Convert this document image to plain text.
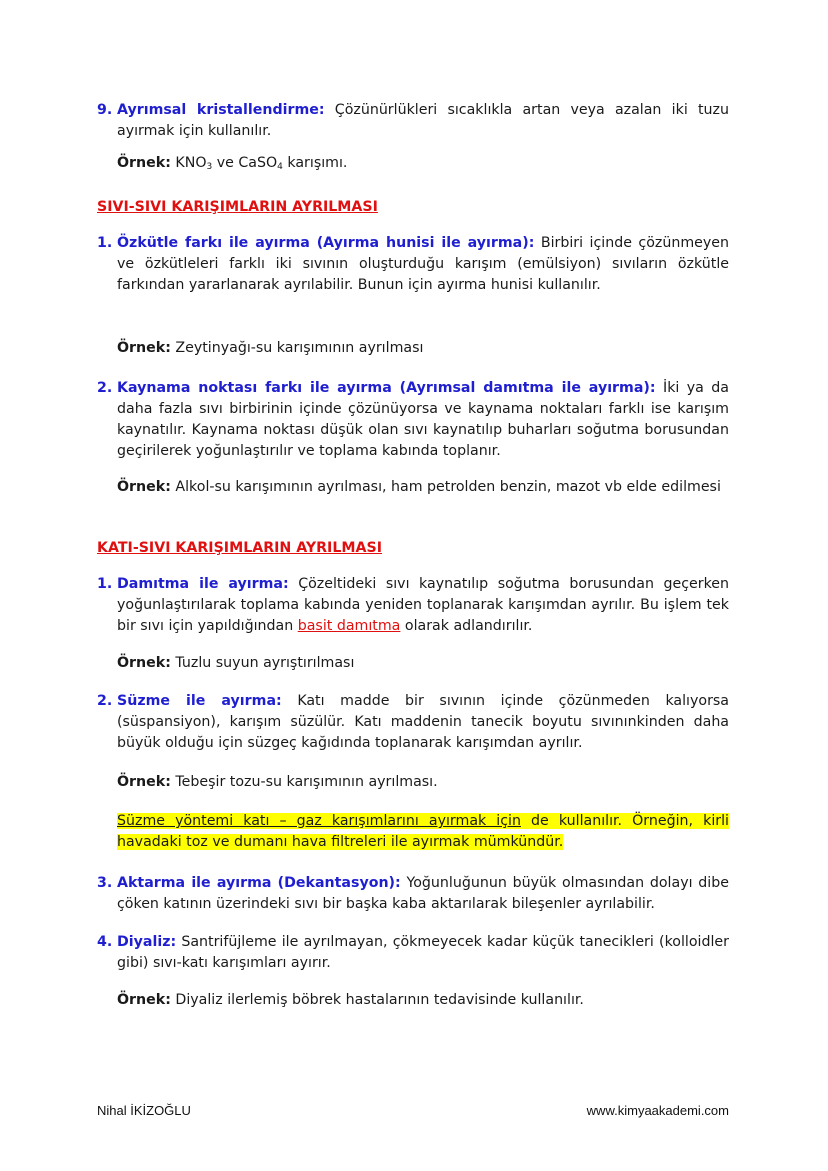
9. Ayrımsal kristallendirme: Çözünürlükleri sıcaklıkla artan veya azalan iki tuzu ayırmak için kullanılır.
Örnek: $KNO_3$ ve CaSO$_4$ karışımı.
SIVI-SIVI KARIŞIMLARIN AYRILMASI
1. Özkütle farkı ile ayırma (Ayırma hunisi ile ayırma): Birbiri içinde çözünmeyen ve özkütleleri farklı iki sıvının oluşturduğu karışım (emülsiyon) sıvıların özkütle farkından yararlanarak ayrılabilir. Bunun için ayırma hunisi kullanılır.
Örnek: Zeytinyağı-su karışımının ayrılması
2. Kaynama noktası farkı ile ayırma (Ayrımsal damıtma ile ayırma): İki ya da daha fazla sıvı birbirinin içinde çözünüyorsa ve kaynama noktaları farklı ise karışım kaynatılır. Kaynama noktası düşük olan sıvı kaynatılıp buharları soğutma borusundan geçirilerek yoğunlaştırılır ve toplama kabında toplanır.
Örnek: Alkol-su karışımının ayrılması, ham petrolden benzin, mazot vb elde edilmesi
KATI-SIVI KARIŞIMLARIN AYRILMASI
1. Damıtma ile ayırma: Çözeltideki sıvı kaynatılıp soğutma borusundan geçerken yoğunlaştırılarak toplama kabında yeniden toplanarak karışımdan ayrılır. Bu işlem tek bir sıvı için yapıldığından basit damıtma olarak adlandırılır.
Örnek: Tuzlu suyun ayrıştırılması
2. Süzme ile ayırma: Katı madde bir sıvının içinde çözünmeden kalıyorsa (süspansiyon), karışım süzülür. Katı maddenin tanecik boyutu sıvınınkinden daha büyük olduğu için süzgeç kağıdında toplanarak karışımdan ayrılır.
Örnek: Tebeşir tozu-su karışımının ayrılması.
Süzme yöntemi katı – gaz karışımlarını ayırmak için de kullanılır. Örneğin, kirli havadaki toz ve dumanı hava filtreleri ile ayırmak mümkündür.
3. Aktarma ile ayırma (Dekantasyon): Yoğunluğunun büyük olmasından dolayı dibe çöken katının üzerindeki sıvı bir başka kaba aktarılarak bileşenler ayrılabilir.
4. Diyaliz: Santrifüjleme ile ayrılmayan, çökmeyecek kadar küçük tanecikleri (kolloidler gibi) sıvı-katı karışımları ayırır.
Örnek: Diyaliz ilerlemiş böbrek hastalarının tedavisinde kullanılır.
Nihal İKİZOĞLU	www.kimyaakademi.com
